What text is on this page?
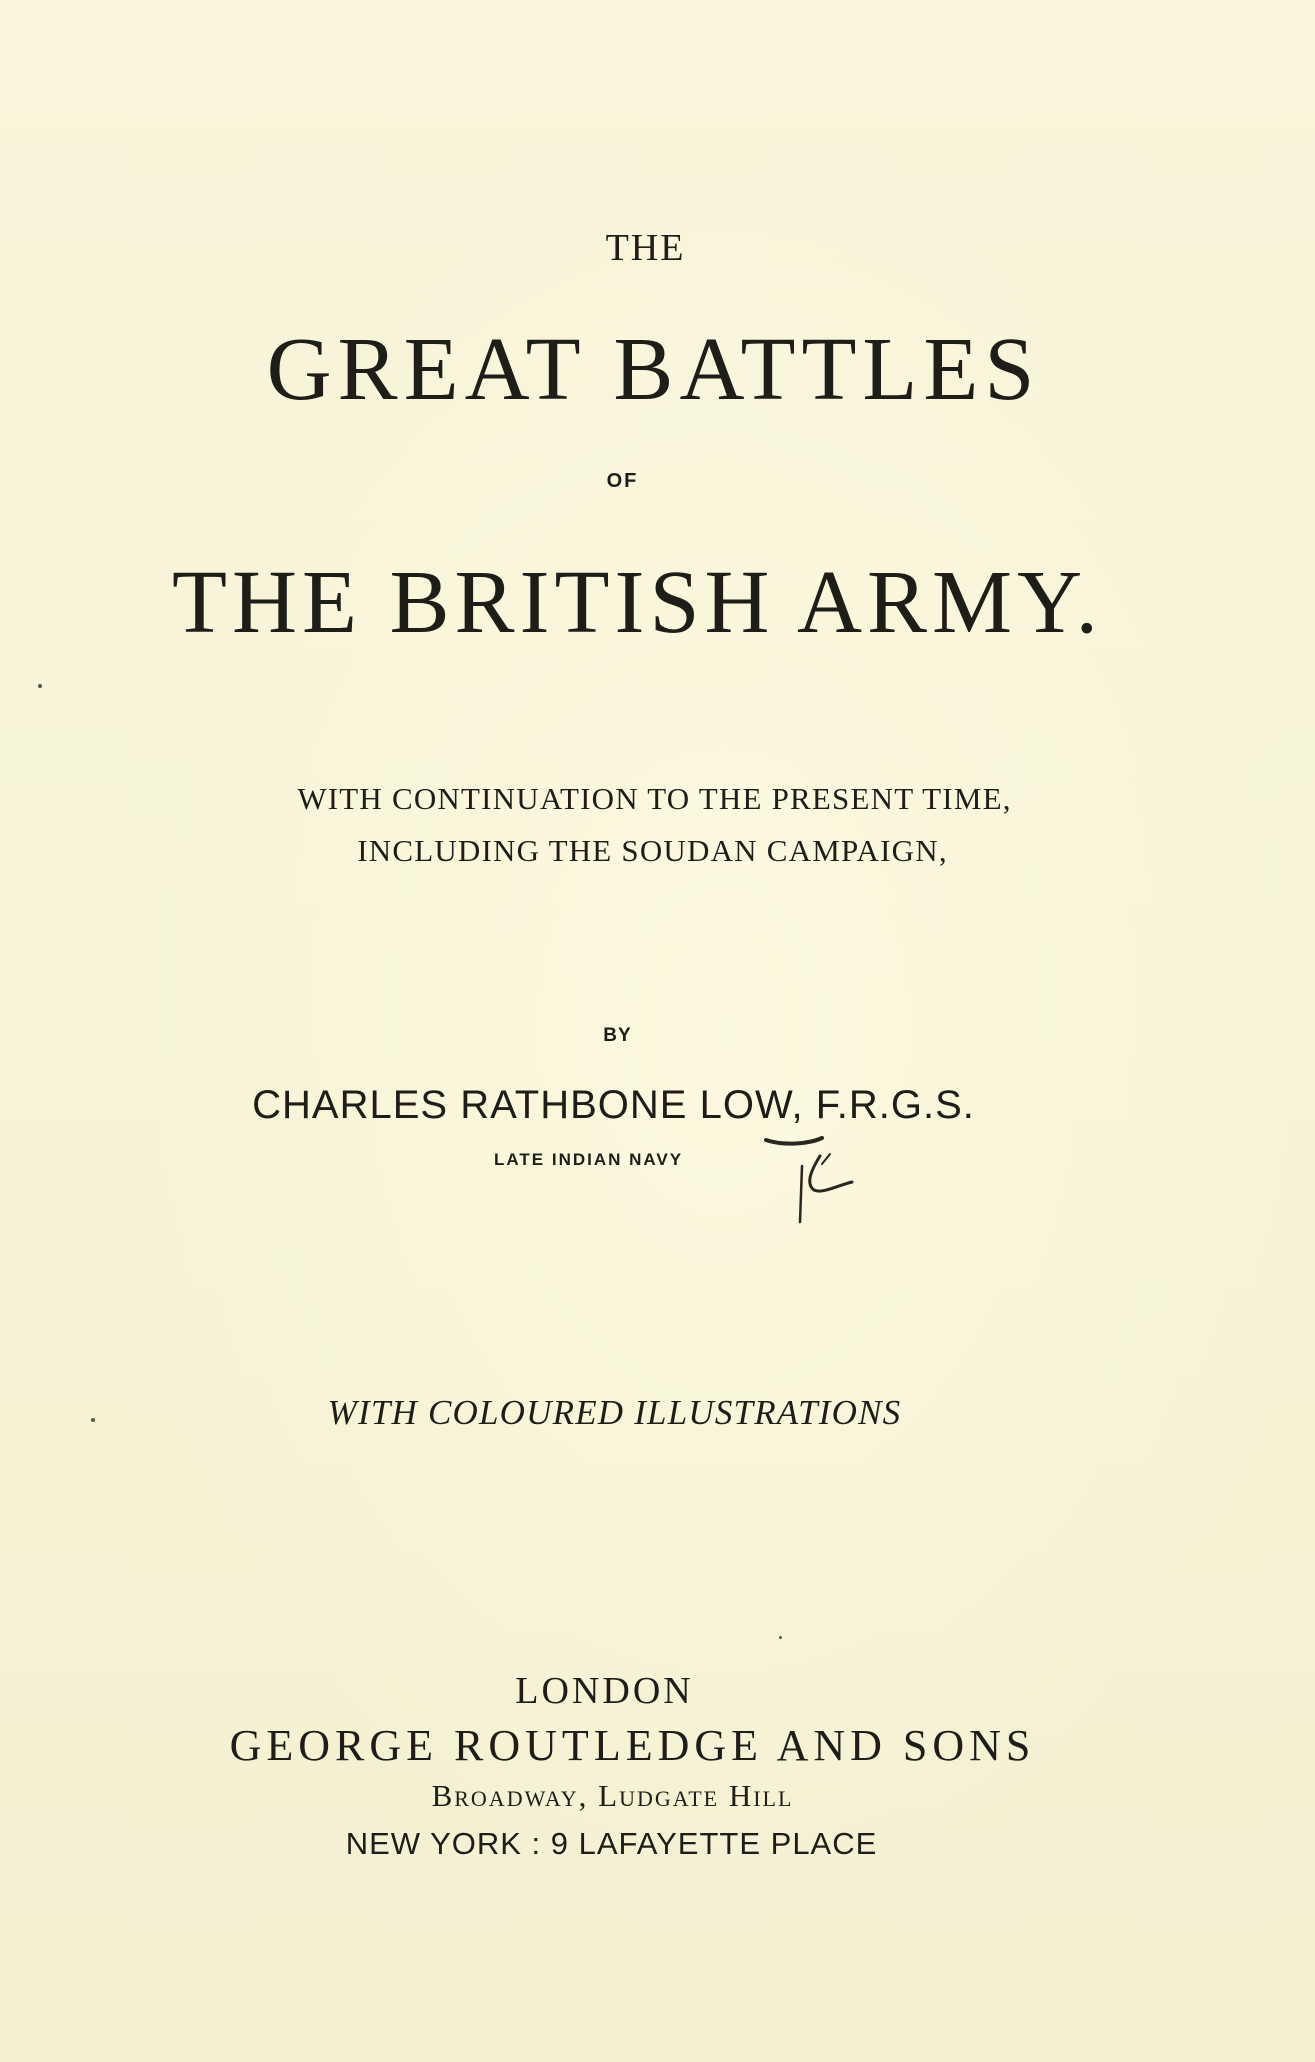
THE
GREAT BATTLES
OF
THE BRITISH ARMY.
WITH CONTINUATION TO THE PRESENT TIME,
INCLUDING THE SOUDAN CAMPAIGN,
BY
CHARLES RATHBONE LOW, F.R.G.S.
LATE INDIAN NAVY
WITH COLOURED ILLUSTRATIONS
LONDON
GEORGE ROUTLEDGE AND SONS
Broadway, Ludgate Hill
NEW YORK : 9 LAFAYETTE PLACE
